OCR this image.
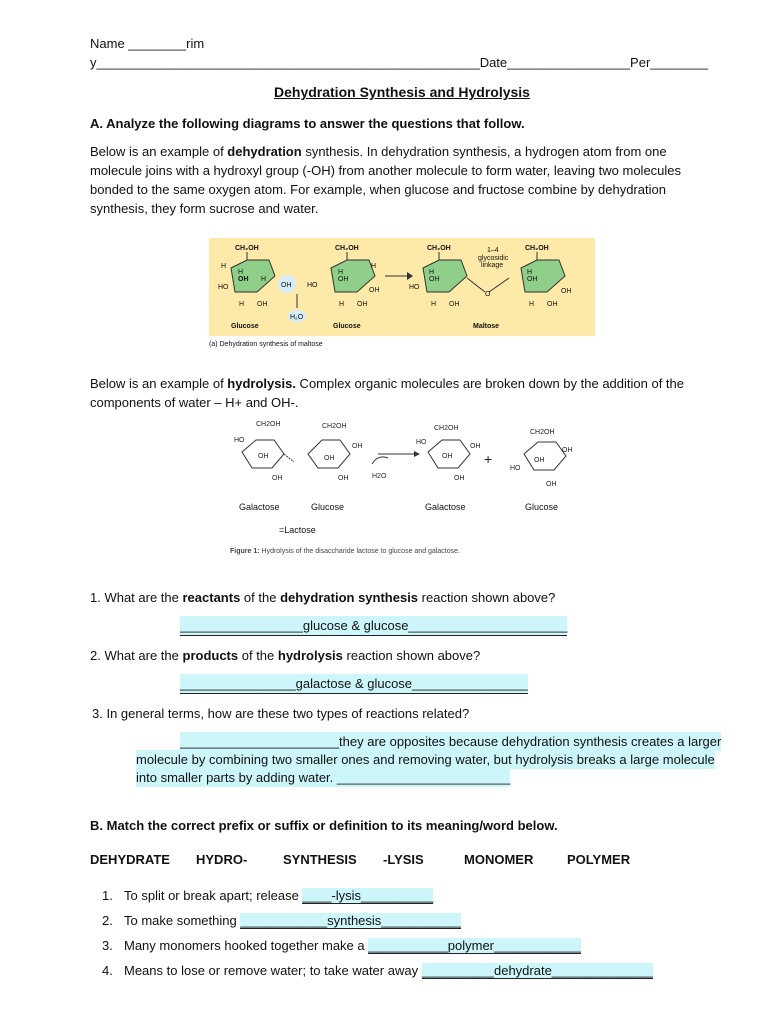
Name ________rim
y_____________________________________________________Date_________________Per________
Dehydration Synthesis and Hydrolysis
A. Analyze the following diagrams to answer the questions that follow.
Below is an example of dehydration synthesis. In dehydration synthesis, a hydrogen atom from one molecule joins with a hydroxyl group (-OH) from another molecule to form water, leaving two molecules bonded to the same oxygen atom. For example, when glucose and fructose combine by dehydration synthesis, they form sucrose and water.
CH₂OH
H
H
OH H
HO
H OH
OH
H₂O
Glucose
CH₂OH
HO
H
OH
H
OH
H OH
Glucose
CH₂OH
H
OH
HO
H OH
1–4
glycosidic
linkage
O
CH₂OH
H
OH
OH
H OH
Maltose
(a) Dehydration synthesis of maltose
Below is an example of hydrolysis. Complex organic molecules are broken down by the addition of the components of water – H+ and OH-.
CH2OH
HO
OH
OH
CH2OH
OH
OH
OH	H2O
CH2OH
HO
OH
OH
OH
+
CH2OH
OH
HO
OH
OH
Galactose	Glucose	Galactose	Glucose
=Lactose
Figure 1: Hydrolysis of the disaccharide lactose to glucose and galactose.
1. What are the reactants of the dehydration synthesis reaction shown above?
_________________glucose & glucose______________________
2. What are the products of the hydrolysis reaction shown above?
________________galactose & glucose________________
3. In general terms, how are these two types of reactions related?
______________________they are opposites because dehydration synthesis creates a larger
molecule by combining two smaller ones and removing water, but hydrolysis breaks a large molecule
into smaller parts by adding water. ________________________
B. Match the correct prefix or suffix or definition to its meaning/word below.
DEHYDRATE HYDRO-	SYNTHESIS -LYSIS	MONOMER	POLYMER
1. To split or break apart; release ____-lysis__________
2. To make something ____________synthesis___________
3. Many monomers hooked together make a ___________polymer____________
4. Means to lose or remove water; to take water away __________dehydrate______________
